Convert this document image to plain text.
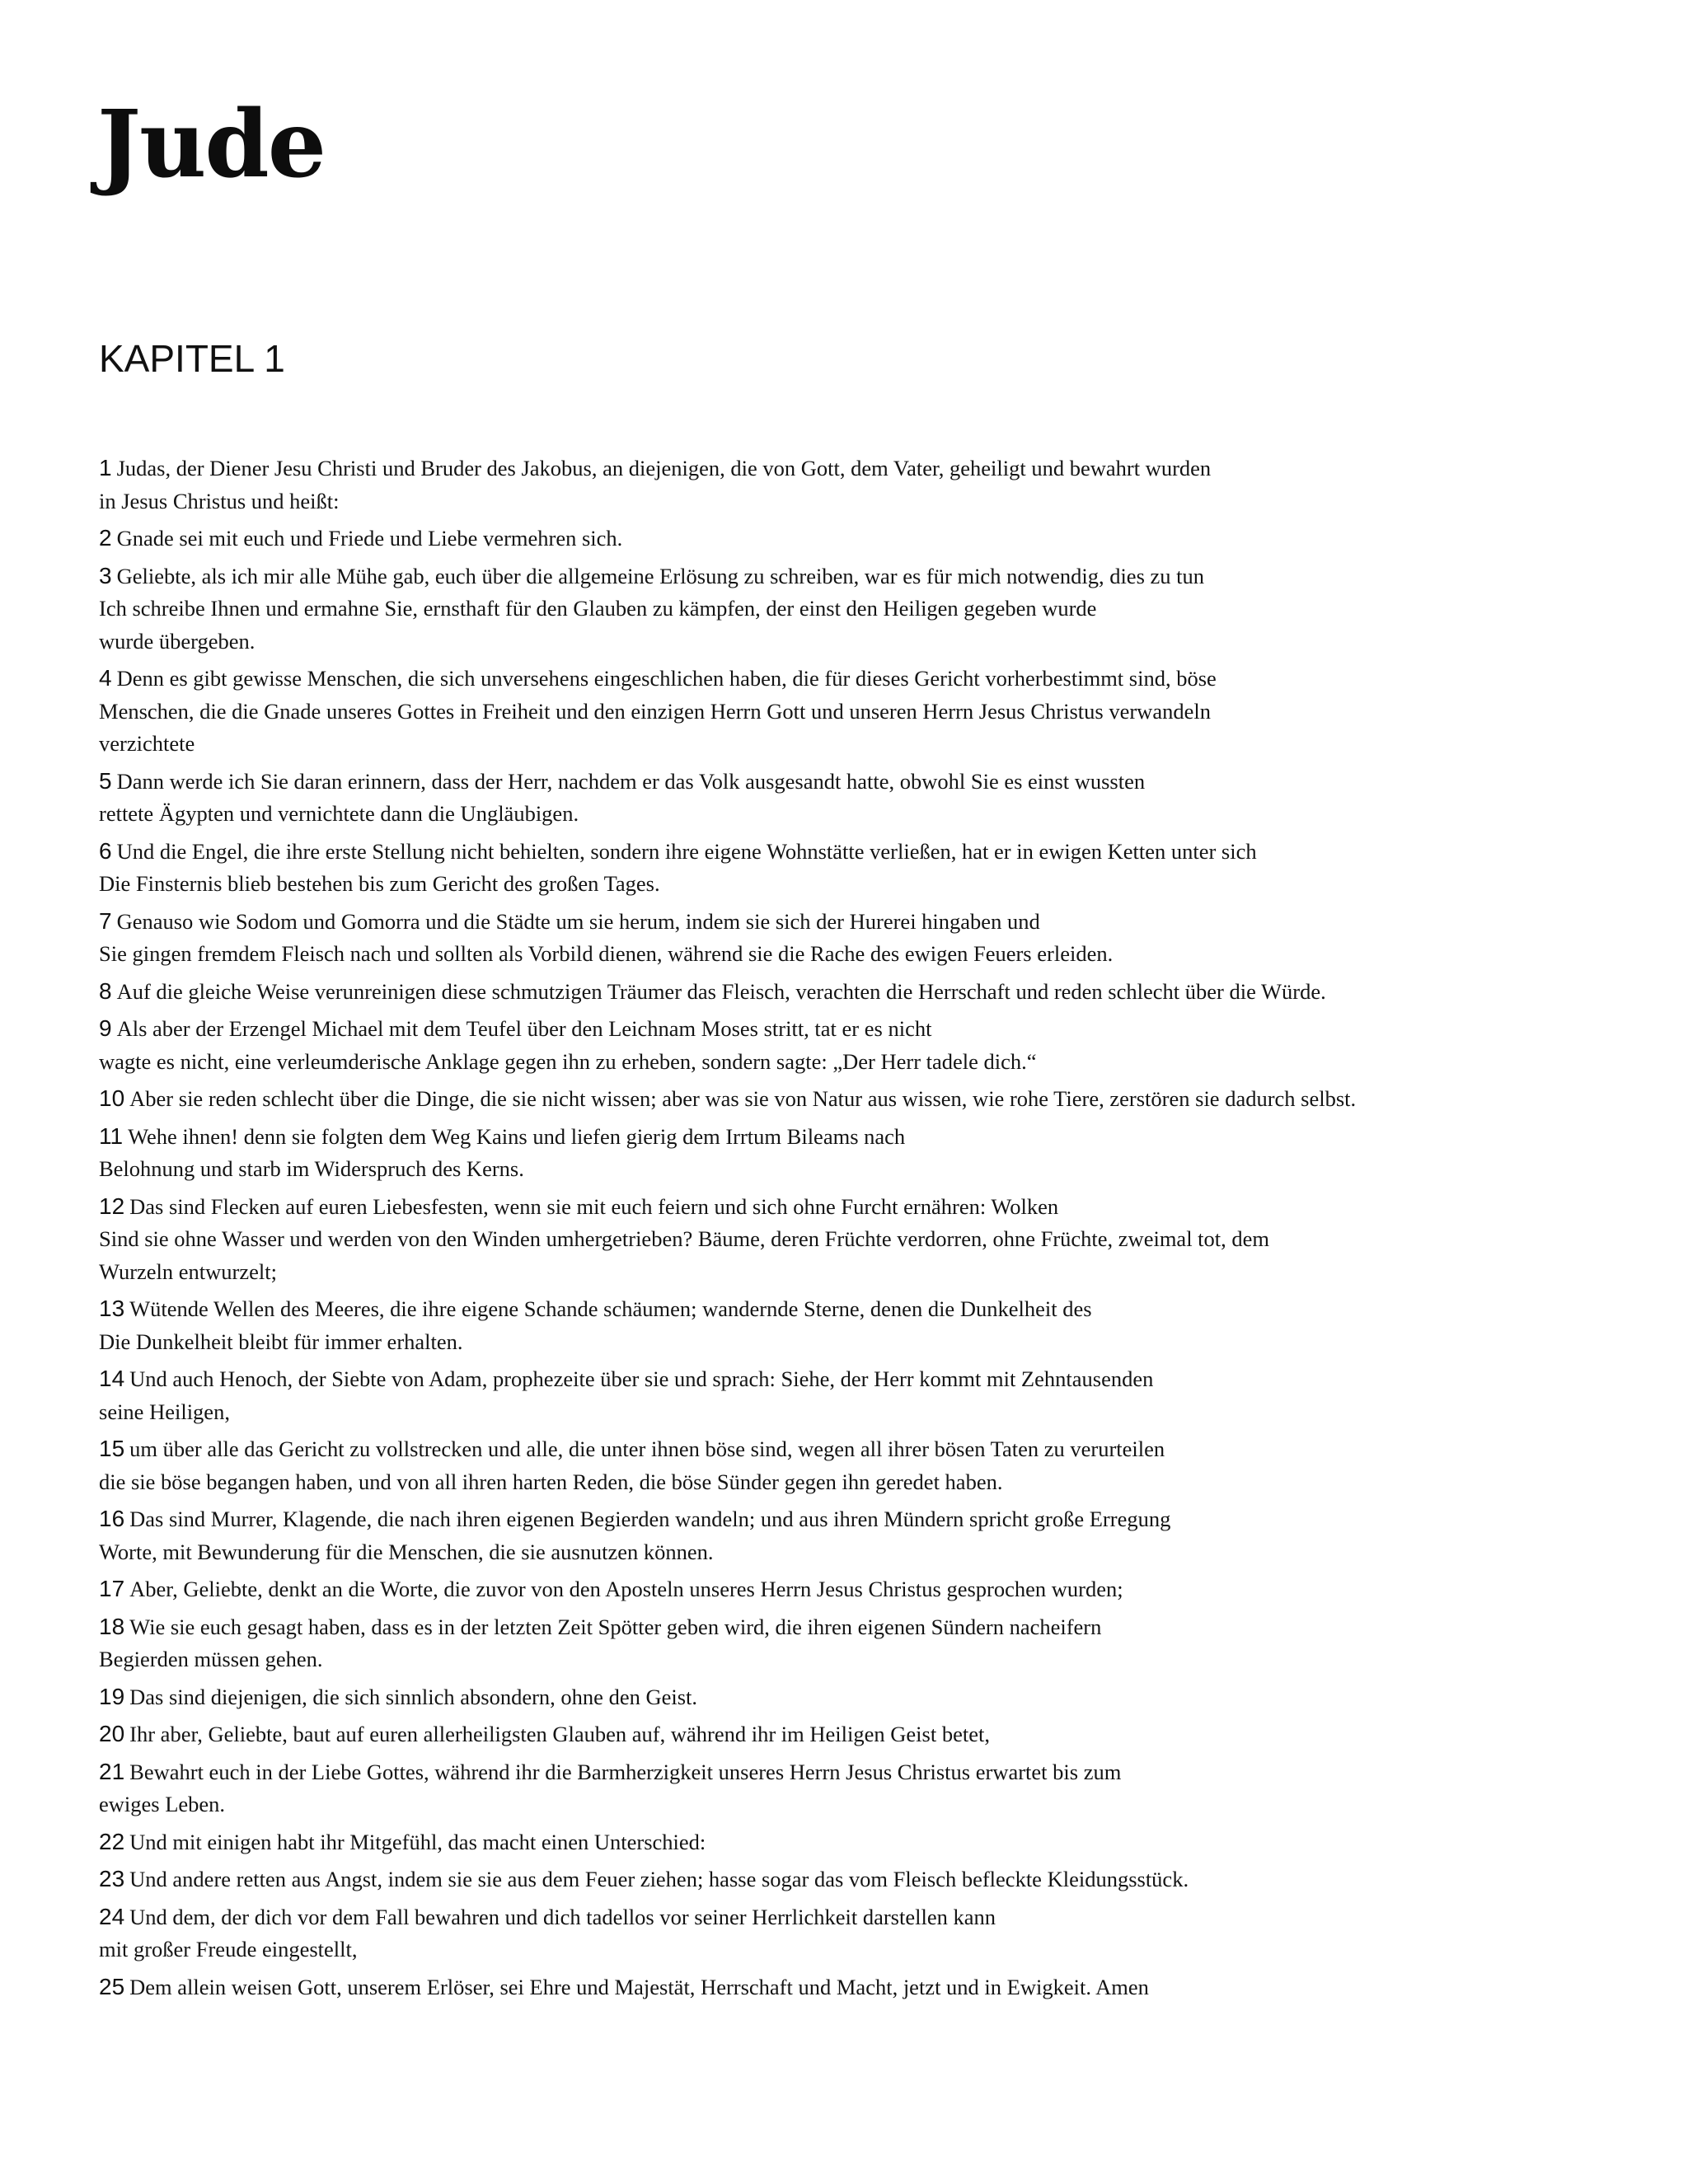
Jude
KAPITEL 1

1 Judas, der Diener Jesu Christi und Bruder des Jakobus, an diejenigen, die von Gott, dem Vater, geheiligt und bewahrt wurden
in Jesus Christus und heißt:

2 Gnade sei mit euch und Friede und Liebe vermehren sich.

3 Geliebte, als ich mir alle Mühe gab, euch über die allgemeine Erlösung zu schreiben, war es für mich notwendig, dies zu tun
Ich schreibe Ihnen und ermahne Sie, ernsthaft für den Glauben zu kämpfen, der einst den Heiligen gegeben wurde
wurde übergeben.

4 Denn es gibt gewisse Menschen, die sich unversehens eingeschlichen haben, die für dieses Gericht vorherbestimmt sind, böse
Menschen, die die Gnade unseres Gottes in Freiheit und den einzigen Herrn Gott und unseren Herrn Jesus Christus verwandeln
verzichtete

5 Dann werde ich Sie daran erinnern, dass der Herr, nachdem er das Volk ausgesandt hatte, obwohl Sie es einst wussten
rettete Ägypten und vernichtete dann die Ungläubigen.

6 Und die Engel, die ihre erste Stellung nicht behielten, sondern ihre eigene Wohnstätte verließen, hat er in ewigen Ketten unter sich
Die Finsternis blieb bestehen bis zum Gericht des großen Tages.

7 Genauso wie Sodom und Gomorra und die Städte um sie herum, indem sie sich der Hurerei hingaben und
Sie gingen fremdem Fleisch nach und sollten als Vorbild dienen, während sie die Rache des ewigen Feuers erleiden.

8 Auf die gleiche Weise verunreinigen diese schmutzigen Träumer das Fleisch, verachten die Herrschaft und reden schlecht über die Würde.

9 Als aber der Erzengel Michael mit dem Teufel über den Leichnam Moses stritt, tat er es nicht
wagte es nicht, eine verleumderische Anklage gegen ihn zu erheben, sondern sagte: „Der Herr tadele dich.“

10 Aber sie reden schlecht über die Dinge, die sie nicht wissen; aber was sie von Natur aus wissen, wie rohe Tiere, zerstören sie dadurch selbst.

11 Wehe ihnen! denn sie folgten dem Weg Kains und liefen gierig dem Irrtum Bileams nach
Belohnung und starb im Widerspruch des Kerns.

12 Das sind Flecken auf euren Liebesfesten, wenn sie mit euch feiern und sich ohne Furcht ernähren: Wolken
Sind sie ohne Wasser und werden von den Winden umhergetrieben? Bäume, deren Früchte verdorren, ohne Früchte, zweimal tot, dem
Wurzeln entwurzelt;

13 Wütende Wellen des Meeres, die ihre eigene Schande schäumen; wandernde Sterne, denen die Dunkelheit des
Die Dunkelheit bleibt für immer erhalten.

14 Und auch Henoch, der Siebte von Adam, prophezeite über sie und sprach: Siehe, der Herr kommt mit Zehntausenden
seine Heiligen,

15 um über alle das Gericht zu vollstrecken und alle, die unter ihnen böse sind, wegen all ihrer bösen Taten zu verurteilen
die sie böse begangen haben, und von all ihren harten Reden, die böse Sünder gegen ihn geredet haben.

16 Das sind Murrer, Klagende, die nach ihren eigenen Begierden wandeln; und aus ihren Mündern spricht große Erregung
Worte, mit Bewunderung für die Menschen, die sie ausnutzen können.

17 Aber, Geliebte, denkt an die Worte, die zuvor von den Aposteln unseres Herrn Jesus Christus gesprochen wurden;

18 Wie sie euch gesagt haben, dass es in der letzten Zeit Spötter geben wird, die ihren eigenen Sündern nacheifern
Begierden müssen gehen.

19 Das sind diejenigen, die sich sinnlich absondern, ohne den Geist.

20 Ihr aber, Geliebte, baut auf euren allerheiligsten Glauben auf, während ihr im Heiligen Geist betet,

21 Bewahrt euch in der Liebe Gottes, während ihr die Barmherzigkeit unseres Herrn Jesus Christus erwartet bis zum
ewiges Leben.

22 Und mit einigen habt ihr Mitgefühl, das macht einen Unterschied:

23 Und andere retten aus Angst, indem sie sie aus dem Feuer ziehen; hasse sogar das vom Fleisch befleckte Kleidungsstück.

24 Und dem, der dich vor dem Fall bewahren und dich tadellos vor seiner Herrlichkeit darstellen kann
mit großer Freude eingestellt,

25 Dem allein weisen Gott, unserem Erlöser, sei Ehre und Majestät, Herrschaft und Macht, jetzt und in Ewigkeit. Amen
